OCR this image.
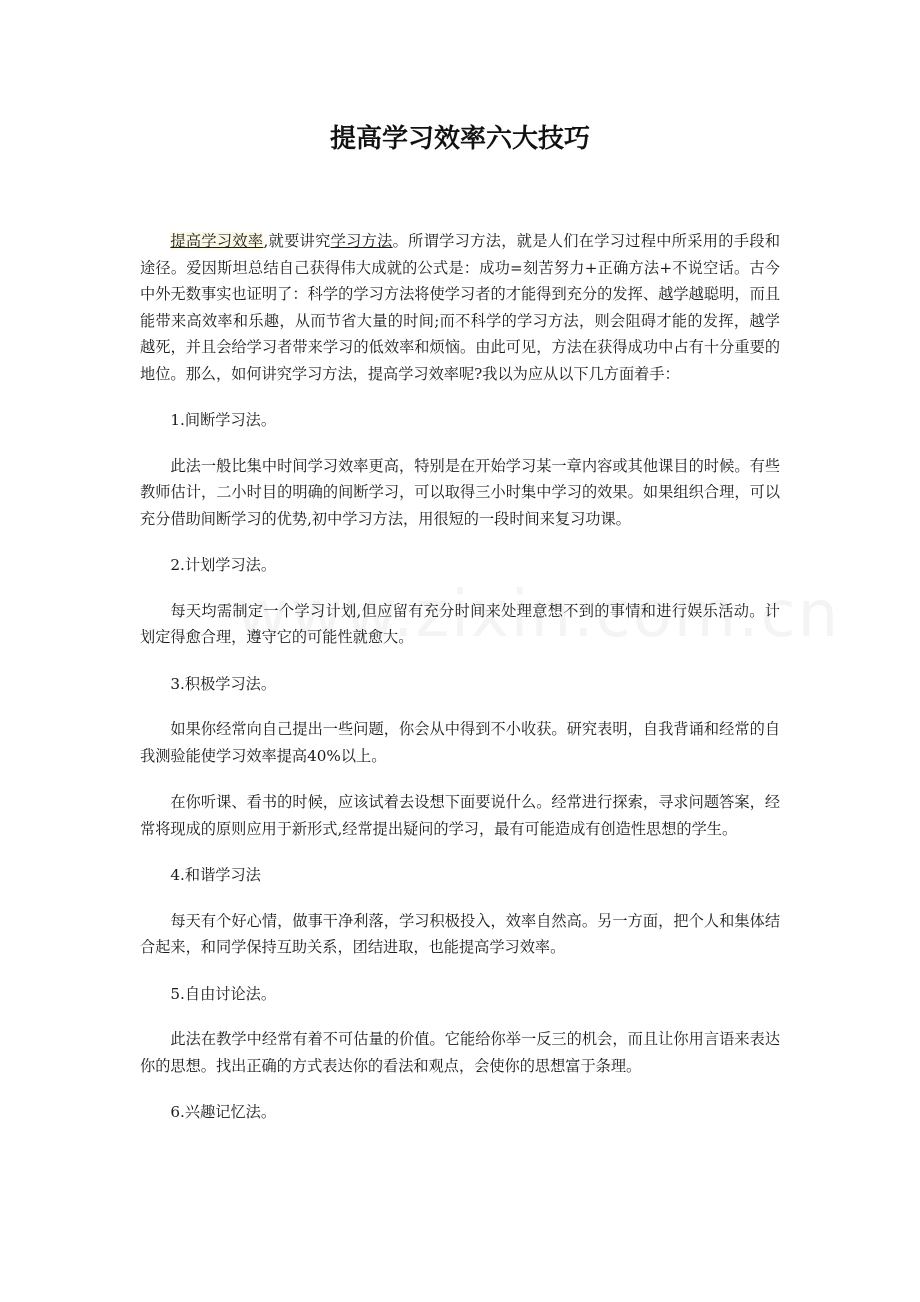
提高学习效率六大技巧

提高学习效率,就要讲究学习方法。所谓学习方法，就是人们在学习过程中所采用的手段和途径。爱因斯坦总结自己获得伟大成就的公式是：成功=刻苦努力+正确方法+不说空话。古今中外无数事实也证明了：科学的学习方法将使学习者的才能得到充分的发挥、越学越聪明，而且能带来高效率和乐趣，从而节省大量的时间;而不科学的学习方法，则会阻碍才能的发挥，越学越死，并且会给学习者带来学习的低效率和烦恼。由此可见，方法在获得成功中占有十分重要的地位。那么，如何讲究学习方法，提高学习效率呢?我以为应从以下几方面着手：

1.间断学习法。

此法一般比集中时间学习效率更高，特别是在开始学习某一章内容或其他课目的时候。有些教师估计，二小时目的明确的间断学习，可以取得三小时集中学习的效果。如果组织合理，可以充分借助间断学习的优势,初中学习方法，用很短的一段时间来复习功课。

2.计划学习法。

每天均需制定一个学习计划,但应留有充分时间来处理意想不到的事情和进行娱乐活动。计划定得愈合理，遵守它的可能性就愈大。

3.积极学习法。

如果你经常向自己提出一些问题，你会从中得到不小收获。研究表明，自我背诵和经常的自我测验能使学习效率提高40%以上。

在你听课、看书的时候，应该试着去设想下面要说什么。经常进行探索，寻求问题答案，经常将现成的原则应用于新形式,经常提出疑问的学习，最有可能造成有创造性思想的学生。

4.和谐学习法

每天有个好心情，做事干净利落，学习积极投入，效率自然高。另一方面，把个人和集体结合起来，和同学保持互助关系，团结进取，也能提高学习效率。

5.自由讨论法。

此法在教学中经常有着不可估量的价值。它能给你举一反三的机会，而且让你用言语来表达你的思想。找出正确的方式表达你的看法和观点，会使你的思想富于条理。

6.兴趣记忆法。
